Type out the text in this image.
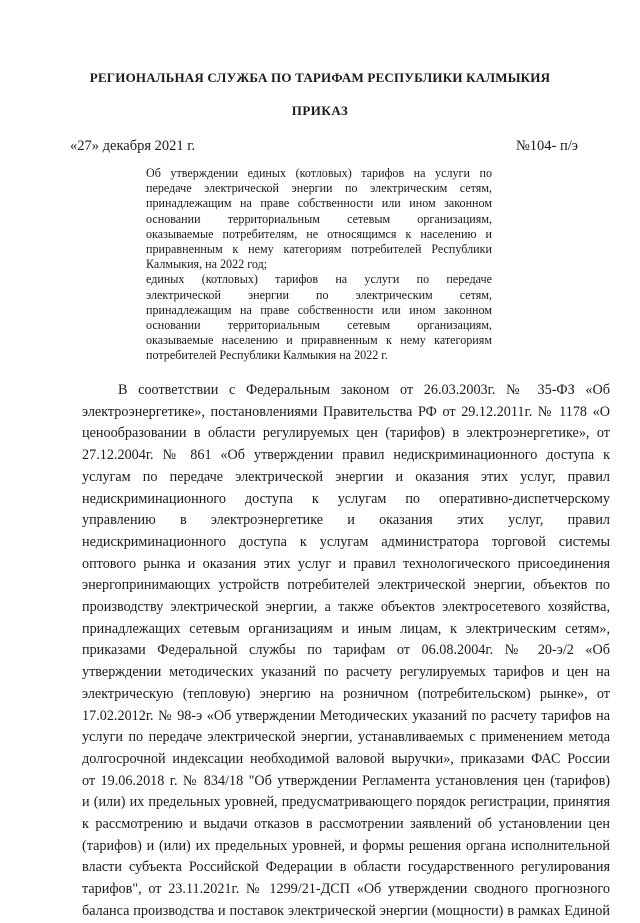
РЕГИОНАЛЬНАЯ СЛУЖБА ПО ТАРИФАМ РЕСПУБЛИКИ КАЛМЫКИЯ
ПРИКАЗ
«27» декабря 2021 г.	№104- п/э
Об утверждении единых (котловых) тарифов на услуги по
передаче электрической энергии по электрическим сетям,
принадлежащим на праве собственности или ином законном
основании территориальным сетевым организациям,
оказываемые потребителям, не относящимся к населению и
приравненным к нему категориям потребителей Республики
Калмыкия, на 2022 год;
единых (котловых) тарифов на услуги по передаче
электрической энергии по электрическим сетям,
принадлежащим на праве собственности или ином законном
основании территориальным сетевым организациям,
оказываемые населению и приравненным к нему категориям
потребителей Республики Калмыкия на 2022 г.
В соответствии с Федеральным законом от 26.03.2003г. № 35-ФЗ «Об
электроэнергетике», постановлениями Правительства РФ от 29.12.2011г. № 1178 «О
ценообразовании в области регулируемых цен (тарифов) в электроэнергетике», от
27.12.2004г. № 861 «Об утверждении правил недискриминационного доступа к
услугам по передаче электрической энергии и оказания этих услуг, правил
недискриминационного доступа к услугам по оперативно-диспетчерскому
управлению в электроэнергетике и оказания этих услуг, правил
недискриминационного доступа к услугам администратора торговой системы
оптового рынка и оказания этих услуг и правил технологического присоединения
энергопринимающих устройств потребителей электрической энергии, объектов по
производству электрической энергии, а также объектов электросетевого хозяйства,
принадлежащих сетевым организациям и иным лицам, к электрическим сетям»,
приказами Федеральной службы по тарифам от 06.08.2004г. № 20-э/2 «Об
утверждении методических указаний по расчету регулируемых тарифов и цен на
электрическую (тепловую) энергию на розничном (потребительском) рынке», от
17.02.2012г. № 98-э «Об утверждении Методических указаний по расчету тарифов на
услуги по передаче электрической энергии, устанавливаемых с применением метода
долгосрочной индексации необходимой валовой выручки», приказами ФАС России
от 19.06.2018 г. № 834/18 "Об утверждении Регламента установления цен (тарифов)
и (или) их предельных уровней, предусматривающего порядок регистрации, принятия
к рассмотрению и выдачи отказов в рассмотрении заявлений об установлении цен
(тарифов) и (или) их предельных уровней, и формы решения органа исполнительной
власти субъекта Российской Федерации в области государственного регулирования
тарифов", от 23.11.2021г. № 1299/21-ДСП «Об утверждении сводного прогнозного
баланса производства и поставок электрической энергии (мощности) в рамках Единой
